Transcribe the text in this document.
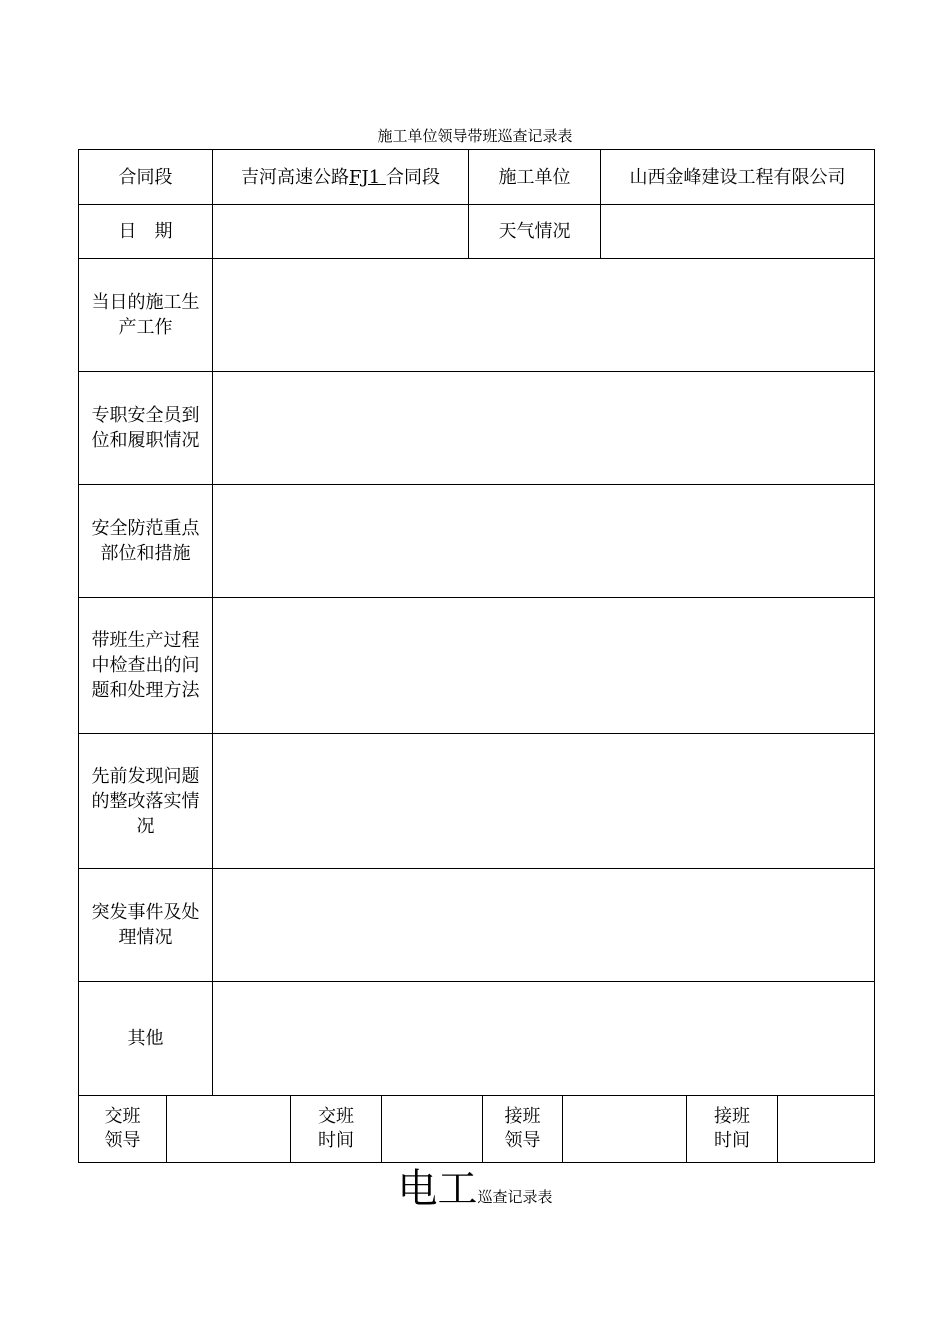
施工单位领导带班巡查记录表
合同段	吉河高速公路FJ1 合同段	施工单位	山西金峰建设工程有限公司
日　期		天气情况	
当日的施工生产工作			
专职安全员到位和履职情况			
安全防范重点部位和措施			
带班生产过程中检查出的问题和处理方法			
先前发现问题的整改落实情况			
突发事件及处理情况			
其他			
交班领导		交班时间		接班领导		接班时间	
电工巡查记录表
